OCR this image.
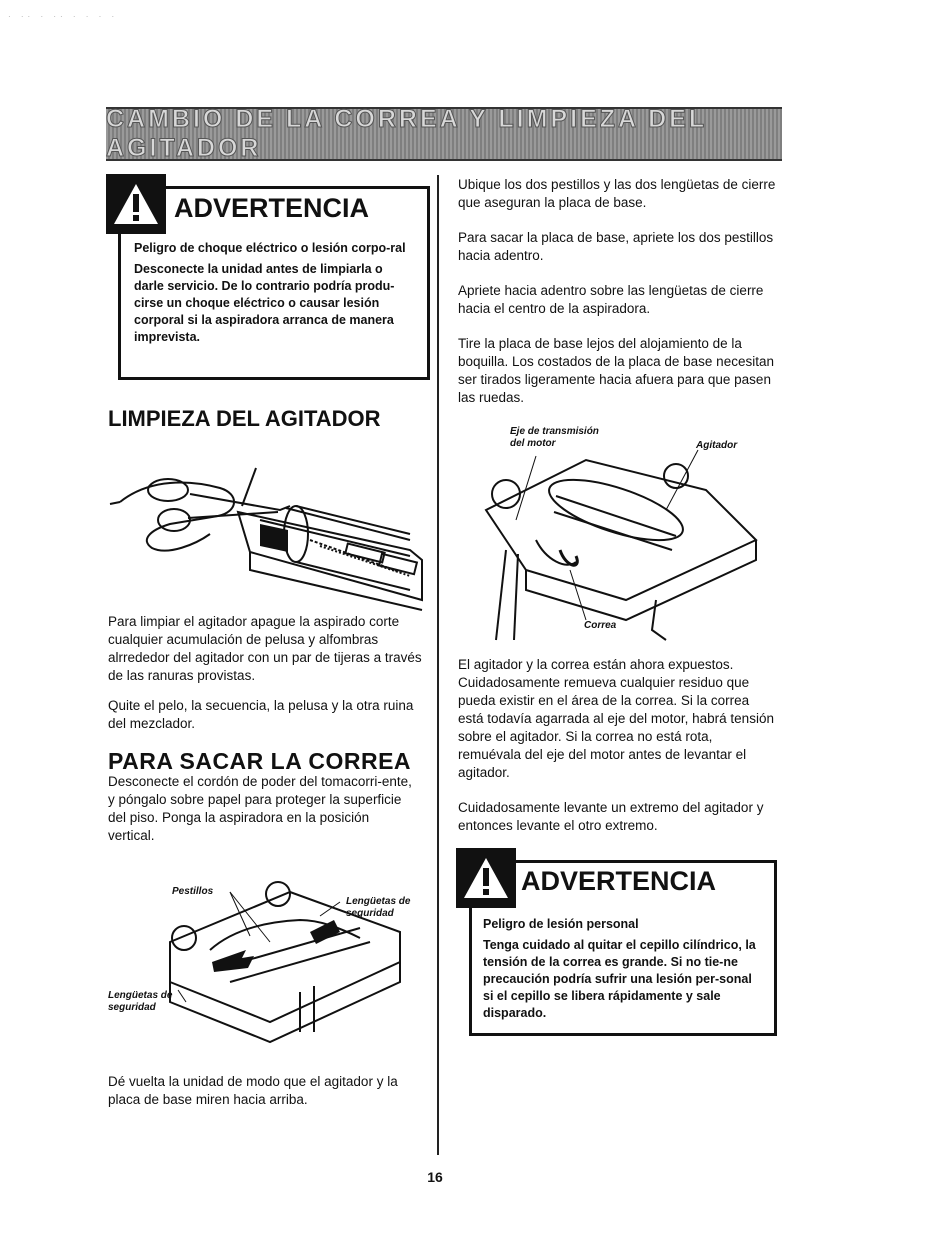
· ·· · ·· · · · ·
CAMBIO DE LA CORREA Y LIMPIEZA DEL AGITADOR
ADVERTENCIA

Peligro de choque eléctrico o lesión corpo-ral

Desconecte la unidad antes de limpiarla o darle servicio. De lo contrario podría produ-cirse un choque eléctrico o causar lesión corporal si la aspiradora arranca de manera imprevista.

LIMPIEZA DEL AGITADOR

Para limpiar el agitador apague la aspirado corte cualquier acumulación de pelusa y alfombras alrrededor del agitador con un par de tijeras a través de las ranuras provistas.

Quite el pelo, la secuencia, la pelusa y la otra ruina del mezclador.

PARA SACAR LA CORREA

Desconecte el cordón de poder del tomacorri-ente, y póngalo sobre papel para proteger la superficie del piso. Ponga la aspiradora en la posición vertical.

Pestillos
Lengüetas de
seguridad
Lengüetas de
seguridad

Dé vuelta la unidad de modo que el agitador y la placa de base miren hacia arriba.

Ubique los dos pestillos y las dos lengüetas de cierre que aseguran la placa de base.

Para sacar la placa de base, apriete los dos pestillos hacia adentro.

Apriete hacia adentro sobre las lengüetas de cierre hacia el centro de la aspiradora.

Tire la placa de base lejos del alojamiento de la boquilla. Los costados de la placa de base necesitan ser tirados ligeramente hacia afuera para que pasen las ruedas.

Eje de transmisión
del motor	Agitador
Correa

El agitador y la correa están ahora expuestos. Cuidadosamente remueva cualquier residuo que pueda existir en el área de la correa. Si la correa está todavía agarrada al eje del motor, habrá tensión sobre el agitador. Si la correa no está rota, remuévala del eje del motor antes de levantar el agitador.

Cuidadosamente levante un extremo del agitador y entonces levante el otro extremo.

ADVERTENCIA

Peligro de lesión personal

Tenga cuidado al quitar el cepillo cilíndrico, la tensión de la correa es grande. Si no tie-ne precaución podría sufrir una lesión per-sonal si el cepillo se libera rápidamente y sale disparado.

16
